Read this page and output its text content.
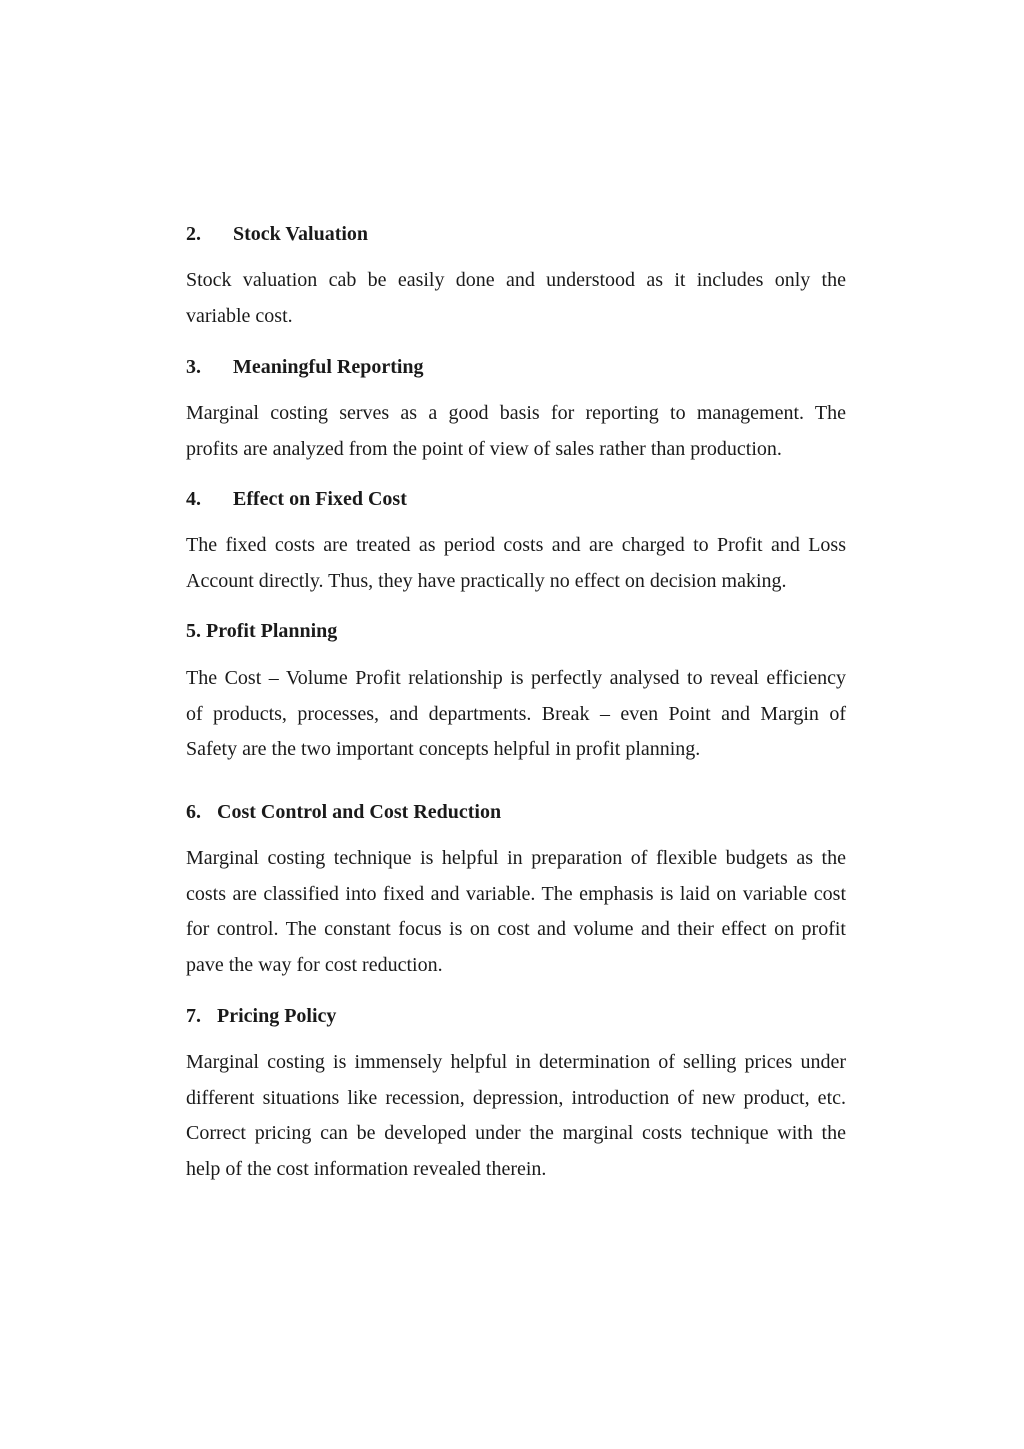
2. Stock Valuation
Stock valuation cab be easily done and understood as it includes only the
variable cost.
3. Meaningful Reporting
Marginal costing serves as a good basis for reporting to management. The
profits are analyzed from the point of view of sales rather than production.
4. Effect on Fixed Cost
The fixed costs are treated as period costs and are charged to Profit and Loss
Account directly. Thus, they have practically no effect on decision making.
5. Profit Planning
The Cost – Volume Profit relationship is perfectly analysed to reveal efficiency
of products, processes, and departments. Break – even Point and Margin of
Safety are the two important concepts helpful in profit planning.
6. Cost Control and Cost Reduction
Marginal costing technique is helpful in preparation of flexible budgets as the
costs are classified into fixed and variable. The emphasis is laid on variable cost
for control. The constant focus is on cost and volume and their effect on profit
pave the way for cost reduction.
7. Pricing Policy
Marginal costing is immensely helpful in determination of selling prices under
different situations like recession, depression, introduction of new product, etc.
Correct pricing can be developed under the marginal costs technique with the
help of the cost information revealed therein.
